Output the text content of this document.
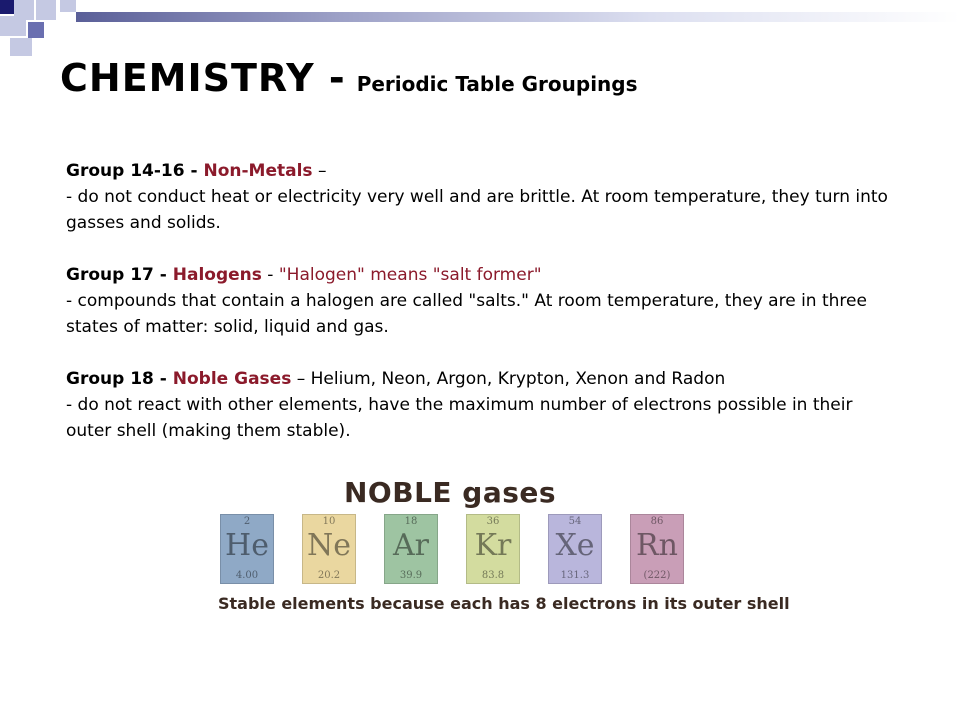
CHEMISTRY - Periodic Table Groupings

Group 14-16 - Non-Metals –
- do not conduct heat or electricity very well and are brittle. At room temperature, they turn into gasses and solids.

Group 17 - Halogens - "Halogen" means "salt former"
- compounds that contain a halogen are called "salts." At room temperature, they are in three states of matter: solid, liquid and gas.

Group 18 - Noble Gases – Helium, Neon, Argon, Krypton, Xenon and Radon
- do not react with other elements, have the maximum number of electrons possible in their outer shell (making them stable).

NOBLE gases
2
He
4.00
10
Ne
20.2
18
Ar
39.9
36
Kr
83.8
54
Xe
131.3
86
Rn
(222)
Stable elements because each has 8 electrons in its outer shell
